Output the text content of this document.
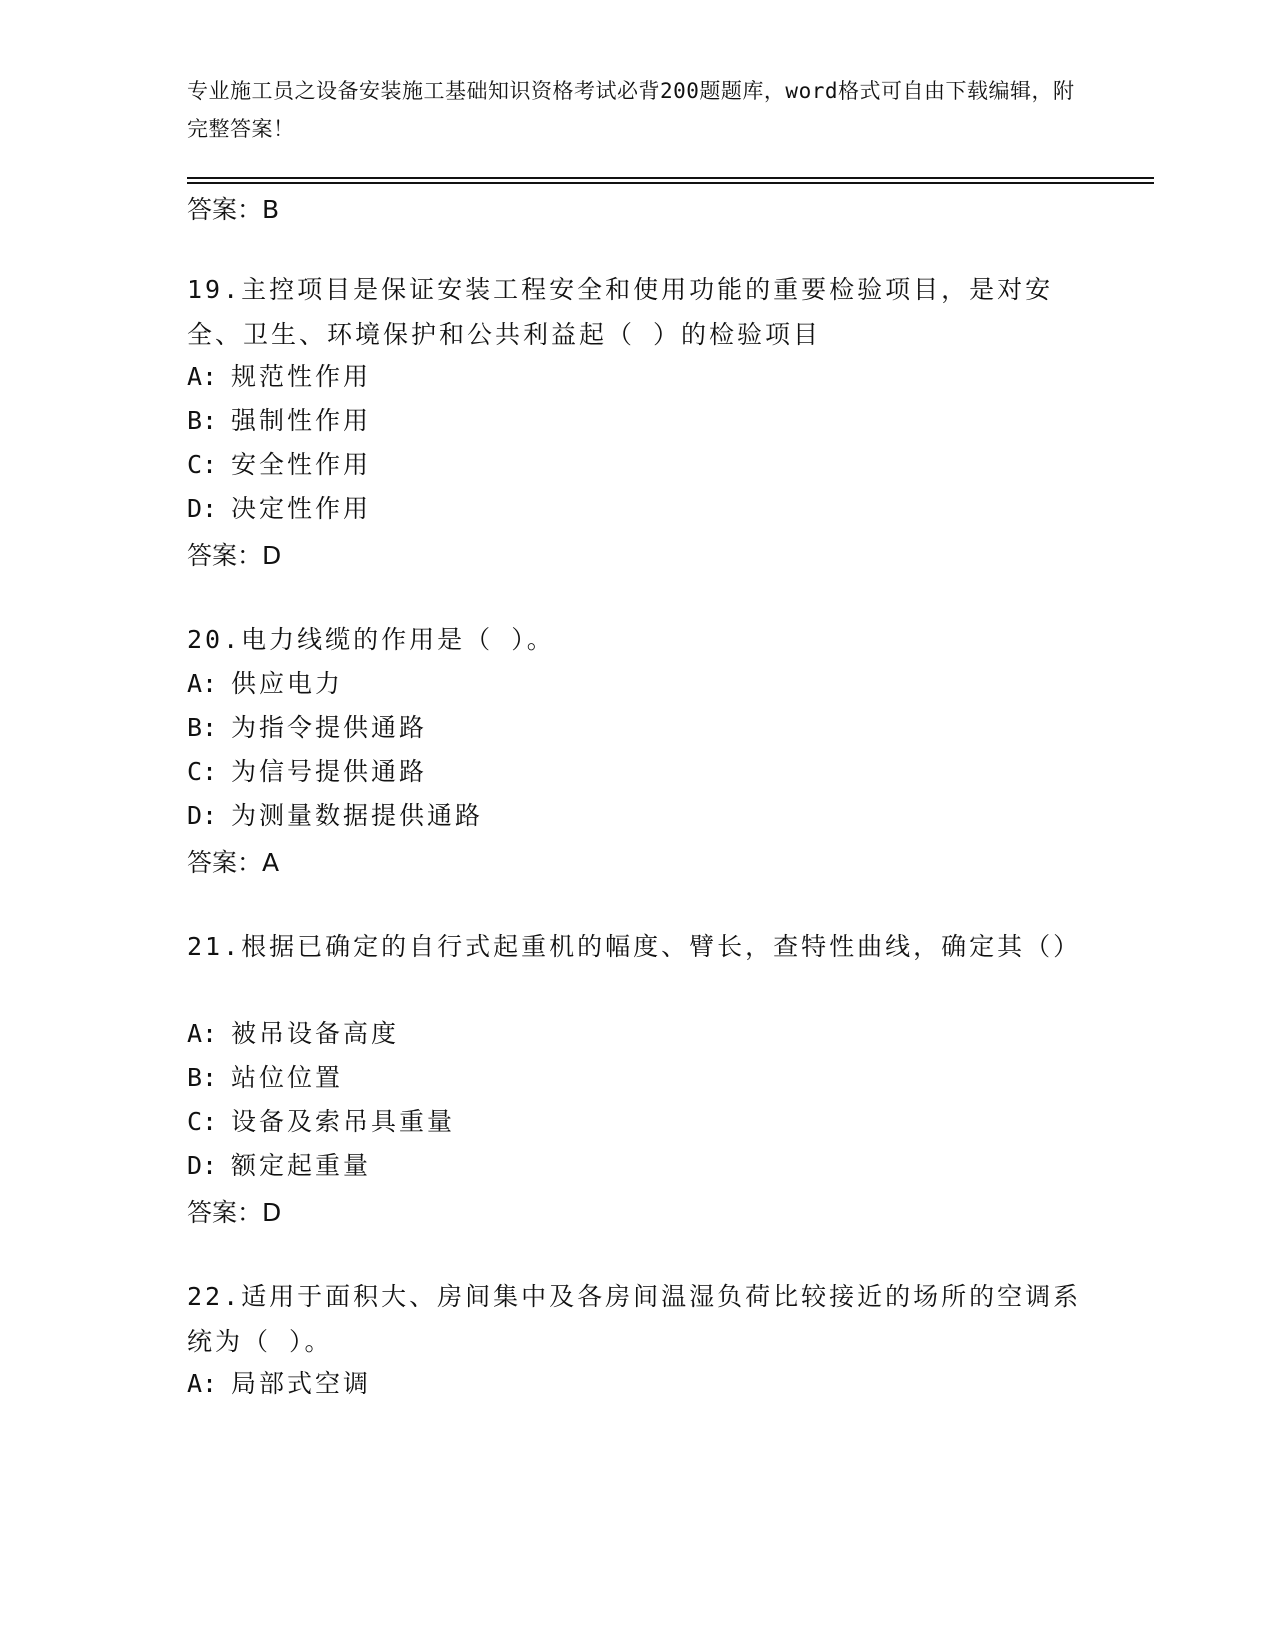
专业施工员之设备安装施工基础知识资格考试必背200题题库，word格式可自由下载编辑，附完整答案！
答案：B
19.主控项目是保证安装工程安全和使用功能的重要检验项目，是对安全、卫生、环境保护和公共利益起（ ）的检验项目
A: 规范性作用
B: 强制性作用
C: 安全性作用
D: 决定性作用
答案：D
20.电力线缆的作用是（ ）。
A: 供应电力
B: 为指令提供通路
C: 为信号提供通路
D: 为测量数据提供通路
答案：A
21.根据已确定的自行式起重机的幅度、臂长，查特性曲线，确定其（）
A: 被吊设备高度
B: 站位位置
C: 设备及索吊具重量
D: 额定起重量
答案：D
22.适用于面积大、房间集中及各房间温湿负荷比较接近的场所的空调系统为（ ）。
A: 局部式空调
